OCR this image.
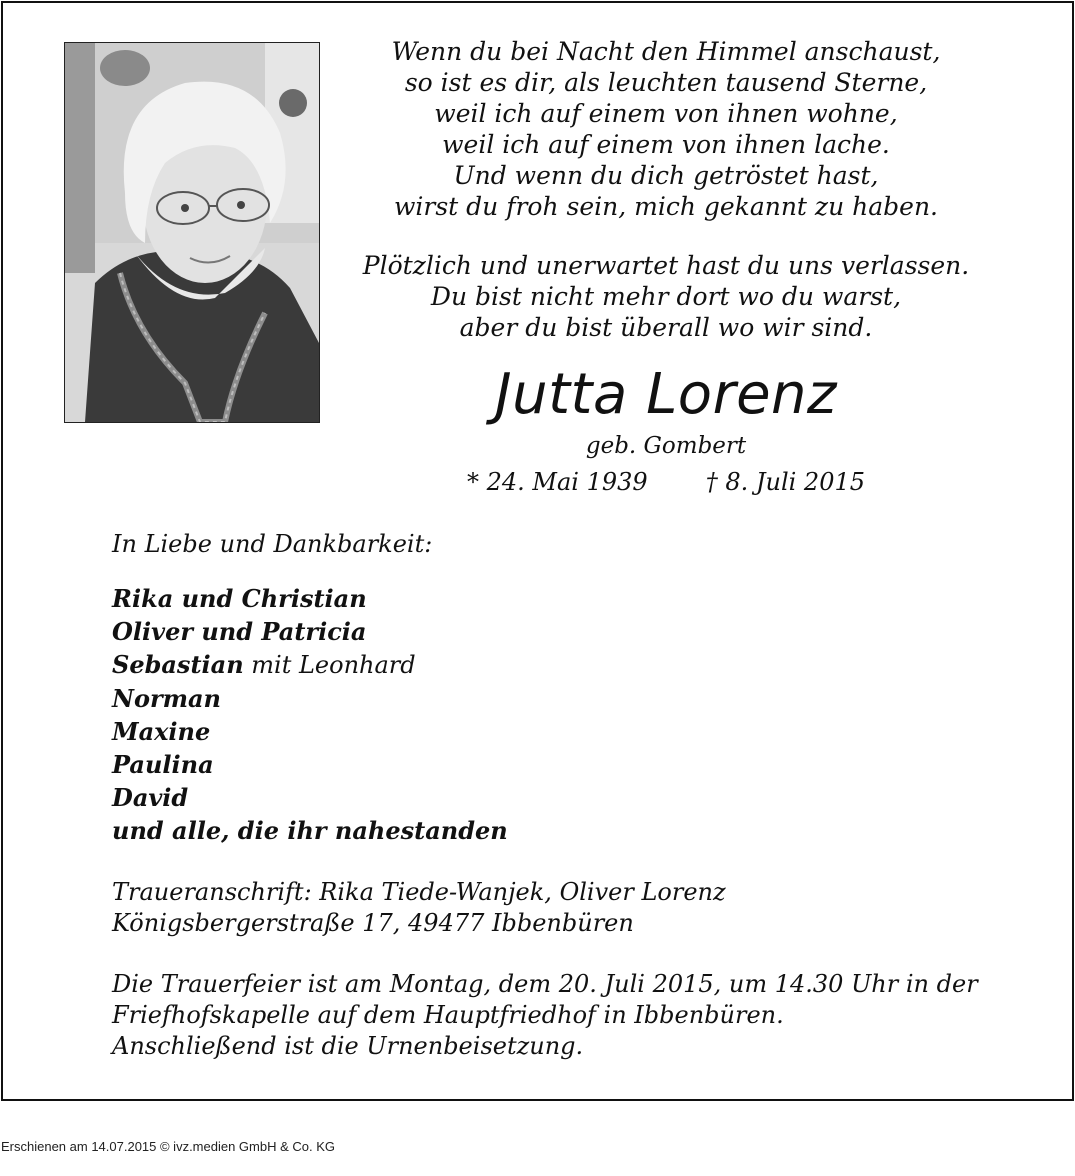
Wenn du bei Nacht den Himmel anschaust,
so ist es dir, als leuchten tausend Sterne,
weil ich auf einem von ihnen wohne,
weil ich auf einem von ihnen lache.
Und wenn du dich getröstet hast,
wirst du froh sein, mich gekannt zu haben.
Plötzlich und unerwartet hast du uns verlassen.
Du bist nicht mehr dort wo du warst,
aber du bist überall wo wir sind.
Jutta Lorenz
geb. Gombert
* 24. Mai 1939 † 8. Juli 2015
In Liebe und Dankbarkeit:
Rika und Christian
Oliver und Patricia
Sebastian mit Leonhard
Norman
Maxine
Paulina
David
und alle, die ihr nahestanden
Traueranschrift: Rika Tiede-Wanjek, Oliver Lorenz
Königsbergerstraße 17, 49477 Ibbenbüren
Die Trauerfeier ist am Montag, dem 20. Juli 2015, um 14.30 Uhr in der
Friefhofskapelle auf dem Hauptfriedhof in Ibbenbüren.
Anschließend ist die Urnenbeisetzung.
Erschienen am 14.07.2015 © ivz.medien GmbH & Co. KG
